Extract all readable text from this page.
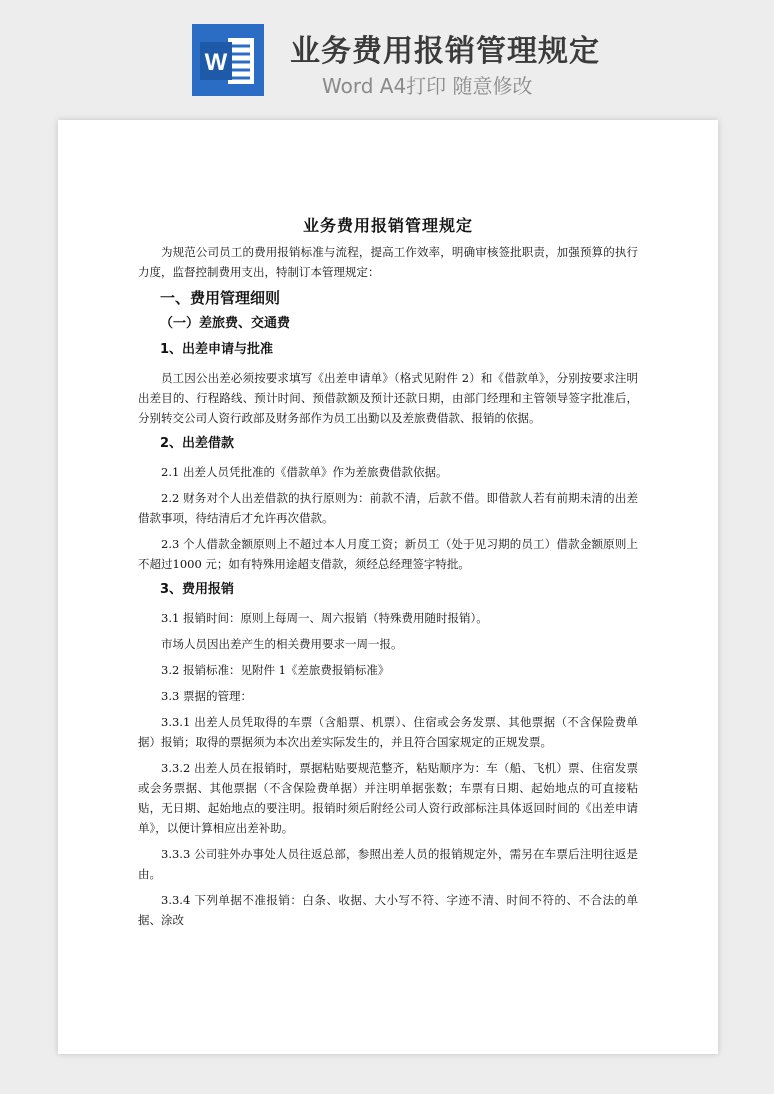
W 业务费用报销管理规定
Word A4打印 随意修改

业务费用报销管理规定

为规范公司员工的费用报销标准与流程，提高工作效率，明确审核签批职责，加强预算的执行力度，监督控制费用支出，特制订本管理规定：

一、费用管理细则

（一）差旅费、交通费

1、出差申请与批准

员工因公出差必须按要求填写《出差申请单》（格式见附件 2）和《借款单》，分别按要求注明出差目的、行程路线、预计时间、预借款额及预计还款日期，由部门经理和主管领导签字批准后，分别转交公司人资行政部及财务部作为员工出勤以及差旅费借款、报销的依据。

2、出差借款

2.1 出差人员凭批准的《借款单》作为差旅费借款依据。

2.2 财务对个人出差借款的执行原则为：前款不清，后款不借。即借款人若有前期未清的出差借款事项，待结清后才允许再次借款。

2.3 个人借款金额原则上不超过本人月度工资；新员工（处于见习期的员工）借款金额原则上不超过1000 元；如有特殊用途超支借款，须经总经理签字特批。

3、费用报销

3.1 报销时间：原则上每周一、周六报销（特殊费用随时报销）。

市场人员因出差产生的相关费用要求一周一报。

3.2 报销标准：见附件 1《差旅费报销标准》

3.3 票据的管理：

3.3.1 出差人员凭取得的车票（含船票、机票）、住宿或会务发票、其他票据（不含保险费单据）报销；取得的票据须为本次出差实际发生的，并且符合国家规定的正规发票。

3.3.2 出差人员在报销时，票据粘贴要规范整齐，粘贴顺序为：车（船、飞机）票、住宿发票或会务票据、其他票据（不含保险费单据）并注明单据张数；车票有日期、起始地点的可直接粘贴，无日期、起始地点的要注明。报销时须后附经公司人资行政部标注具体返回时间的《出差申请单》，以便计算相应出差补助。

3.3.3 公司驻外办事处人员往返总部，参照出差人员的报销规定外，需另在车票后注明往返是由。

3.3.4 下列单据不准报销：白条、收据、大小写不符、字迹不清、时间不符的、不合法的单据、涂改
